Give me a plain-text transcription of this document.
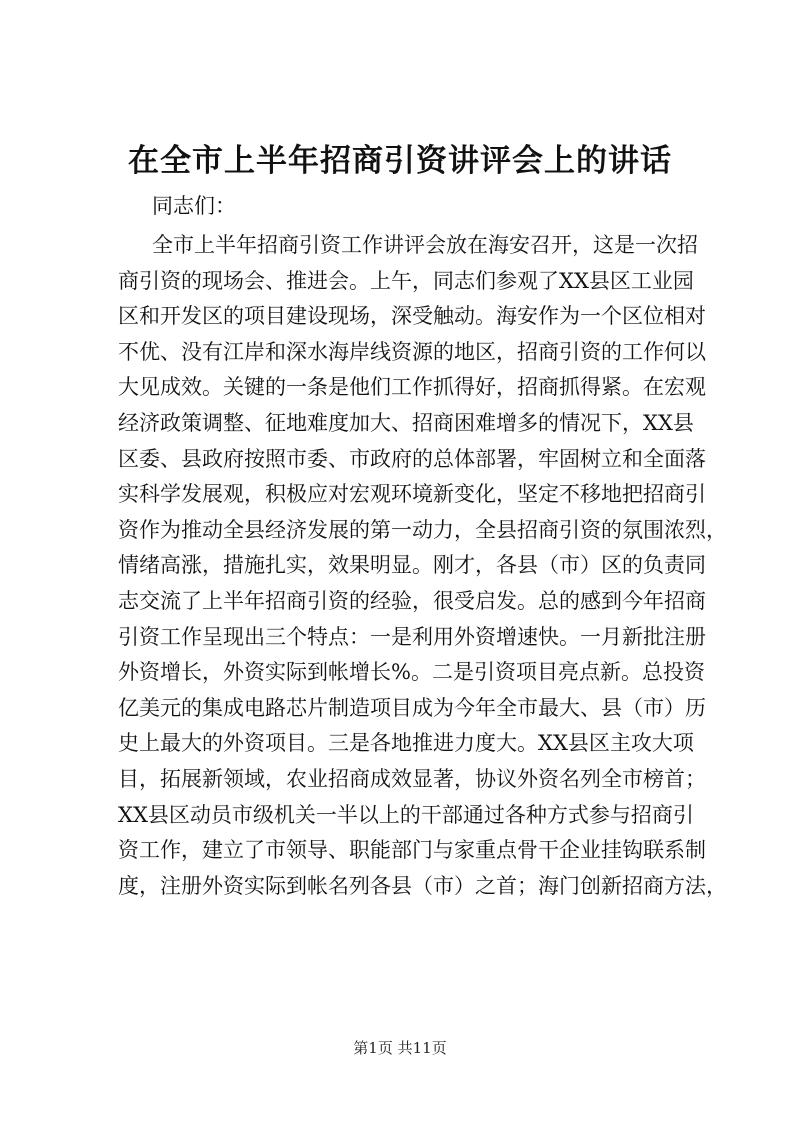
在全市上半年招商引资讲评会上的讲话

同志们：

全市上半年招商引资工作讲评会放在海安召开，这是一次招
商引资的现场会、推进会。上午，同志们参观了XX县区工业园
区和开发区的项目建设现场，深受触动。海安作为一个区位相对
不优、没有江岸和深水海岸线资源的地区，招商引资的工作何以
大见成效。关键的一条是他们工作抓得好，招商抓得紧。在宏观
经济政策调整、征地难度加大、招商困难增多的情况下，XX县
区委、县政府按照市委、市政府的总体部署，牢固树立和全面落
实科学发展观，积极应对宏观环境新变化，坚定不移地把招商引
资作为推动全县经济发展的第一动力，全县招商引资的氛围浓烈，
情绪高涨，措施扎实，效果明显。刚才，各县（市）区的负责同
志交流了上半年招商引资的经验，很受启发。总的感到今年招商
引资工作呈现出三个特点：一是利用外资增速快。一月新批注册
外资增长，外资实际到帐增长%。二是引资项目亮点新。总投资
亿美元的集成电路芯片制造项目成为今年全市最大、县（市）历
史上最大的外资项目。三是各地推进力度大。XX县区主攻大项
目，拓展新领域，农业招商成效显著，协议外资名列全市榜首；
XX县区动员市级机关一半以上的干部通过各种方式参与招商引
资工作，建立了市领导、职能部门与家重点骨干企业挂钩联系制
度，注册外资实际到帐名列各县（市）之首；海门创新招商方法，
第1页 共11页
